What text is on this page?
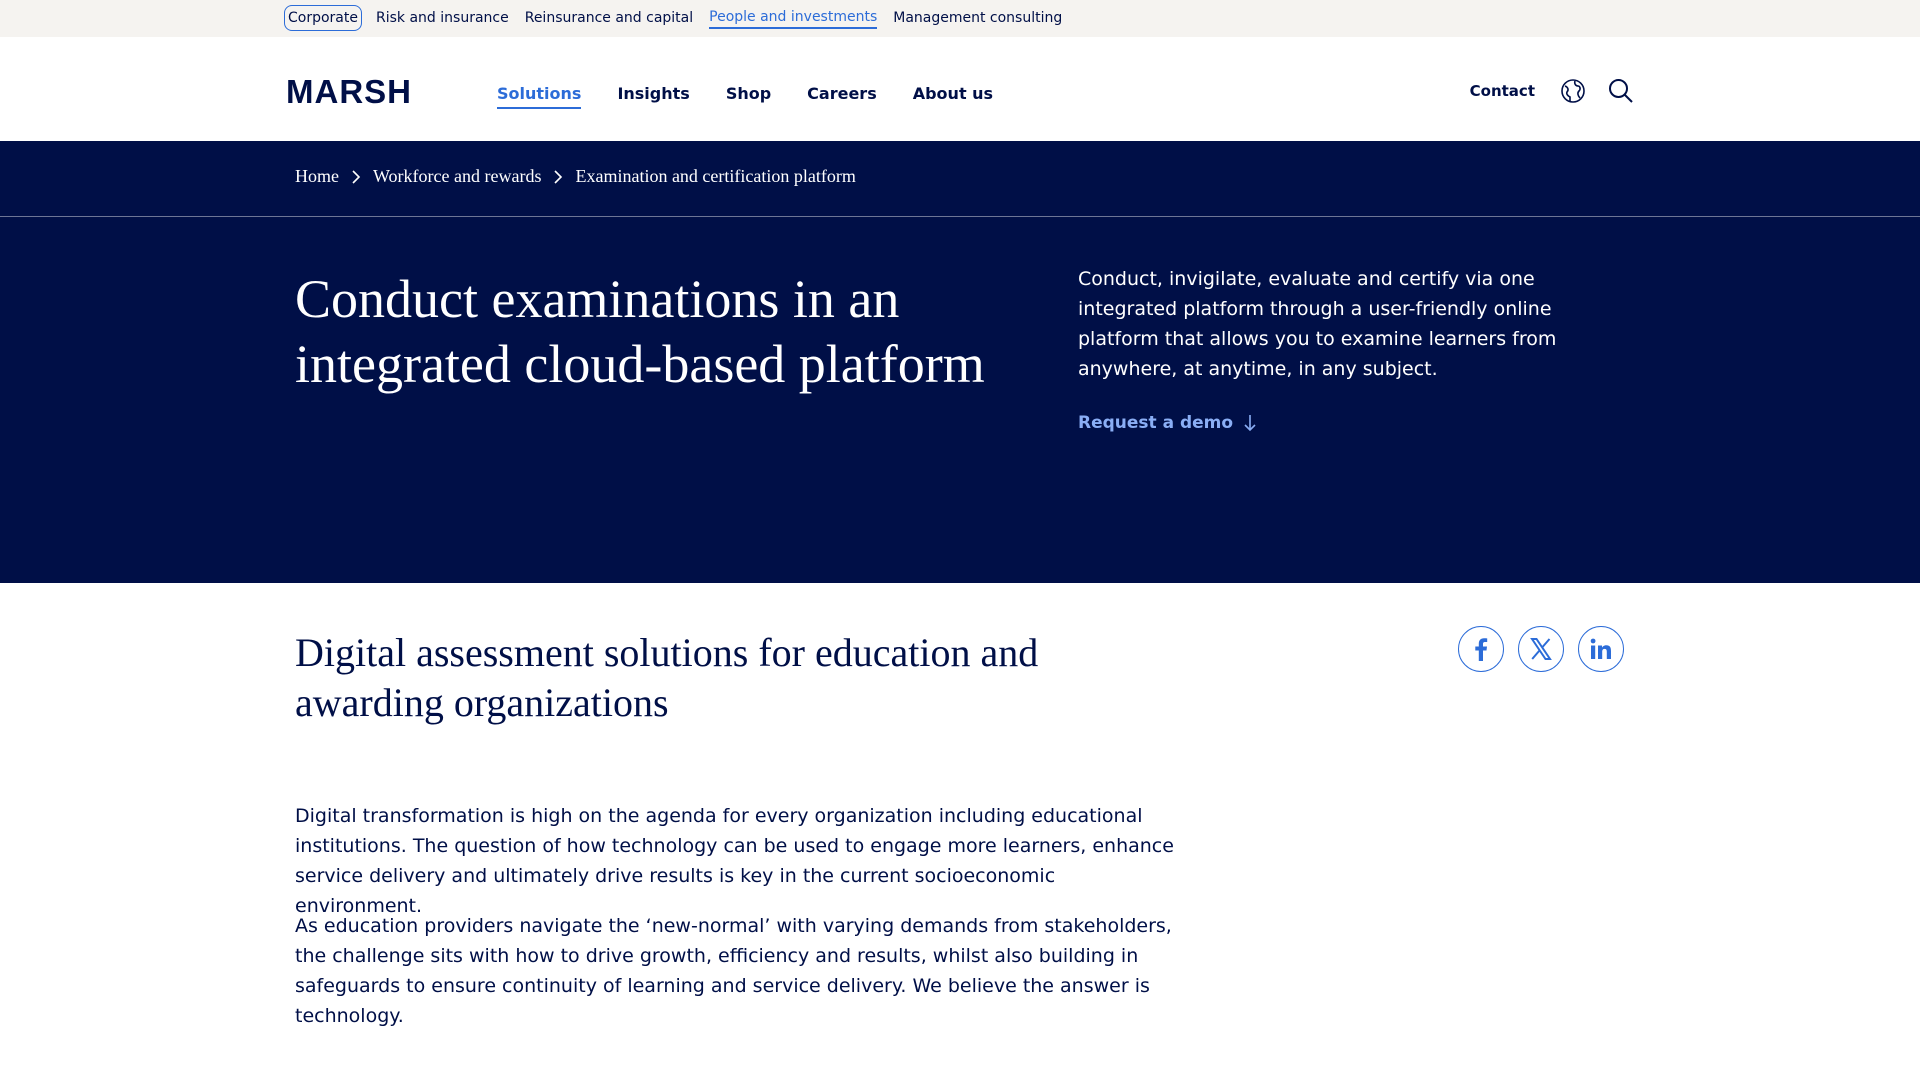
Corporate Risk and insurance Reinsurance and capital People and investments Management consulting
MARSH	Solutions Insights Shop Careers About us	Contact
Home Workforce and rewards Examination and certification platform
Conduct examinations in an integrated cloud-based platform

Conduct, invigilate, evaluate and certify via one integrated platform through a user-friendly online platform that allows you to examine learners from anywhere, at anytime, in any subject.

Request a demo
Digital assessment solutions for education and awarding organizations

Digital transformation is high on the agenda for every organization including educational institutions. The question of how technology can be used to engage more learners, enhance service delivery and ultimately drive results is key in the current socioeconomic environment.

As education providers navigate the ‘new-normal’ with varying demands from stakeholders, the challenge sits with how to drive growth, efficiency and results, whilst also building in safeguards to ensure continuity of learning and service delivery. We believe the answer is technology.
